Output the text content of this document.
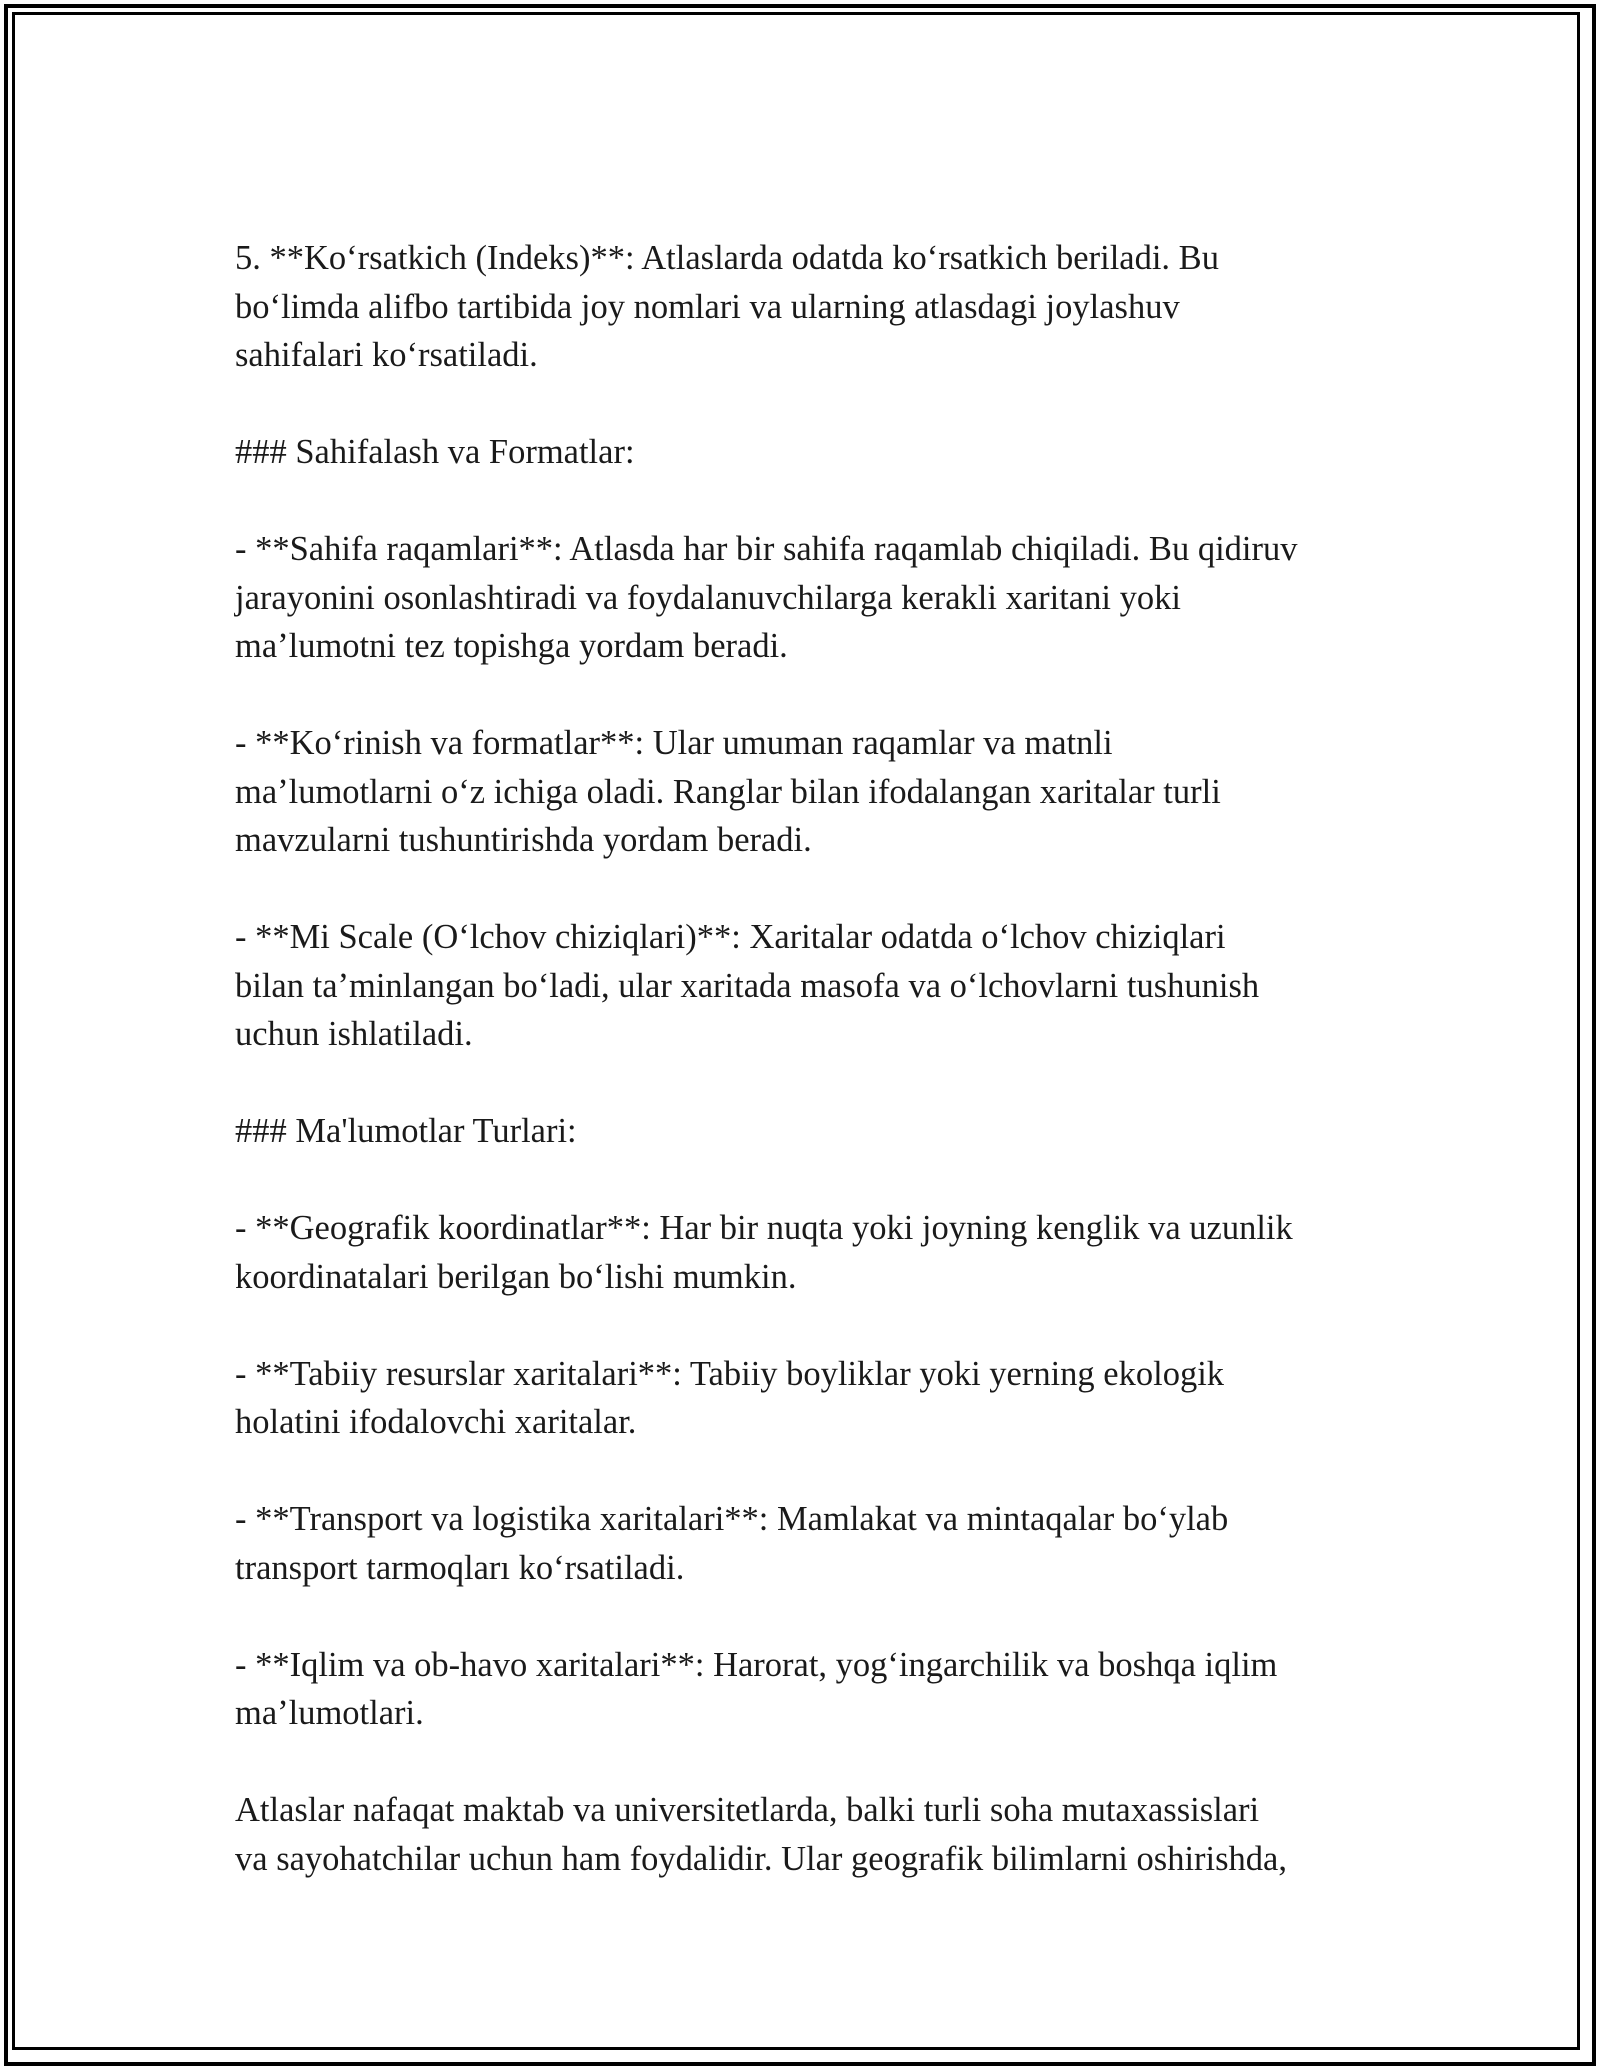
5. **Koʻrsatkich (Indeks)**: Atlaslarda odatda koʻrsatkich beriladi. Bu
boʻlimda alifbo tartibida joy nomlari va ularning atlasdagi joylashuv
sahifalari koʻrsatiladi.

### Sahifalash va Formatlar:

- **Sahifa raqamlari**: Atlasda har bir sahifa raqamlab chiqiladi. Bu qidiruv
jarayonini osonlashtiradi va foydalanuvchilarga kerakli xaritani yoki
maʼlumotni tez topishga yordam beradi.

- **Koʻrinish va formatlar**: Ular umuman raqamlar va matnli
maʼlumotlarni oʻz ichiga oladi. Ranglar bilan ifodalangan xaritalar turli
mavzularni tushuntirishda yordam beradi.

- **Mi Scale (Oʻlchov chiziqlari)**: Xaritalar odatda oʻlchov chiziqlari
bilan taʼminlangan boʻladi, ular xaritada masofa va oʻlchovlarni tushunish
uchun ishlatiladi.

### Ma'lumotlar Turlari:

- **Geografik koordinatlar**: Har bir nuqta yoki joyning kenglik va uzunlik
koordinatalari berilgan boʻlishi mumkin.

- **Tabiiy resurslar xaritalari**: Tabiiy boyliklar yoki yerning ekologik
holatini ifodalovchi xaritalar.

- **Transport va logistika xaritalari**: Mamlakat va mintaqalar boʻylab
transport tarmoqları koʻrsatiladi.

- **Iqlim va ob-havo xaritalari**: Harorat, yogʻingarchilik va boshqa iqlim
maʼlumotlari.

Atlaslar nafaqat maktab va universitetlarda, balki turli soha mutaxassislari
va sayohatchilar uchun ham foydalidir. Ular geografik bilimlarni oshirishda,
